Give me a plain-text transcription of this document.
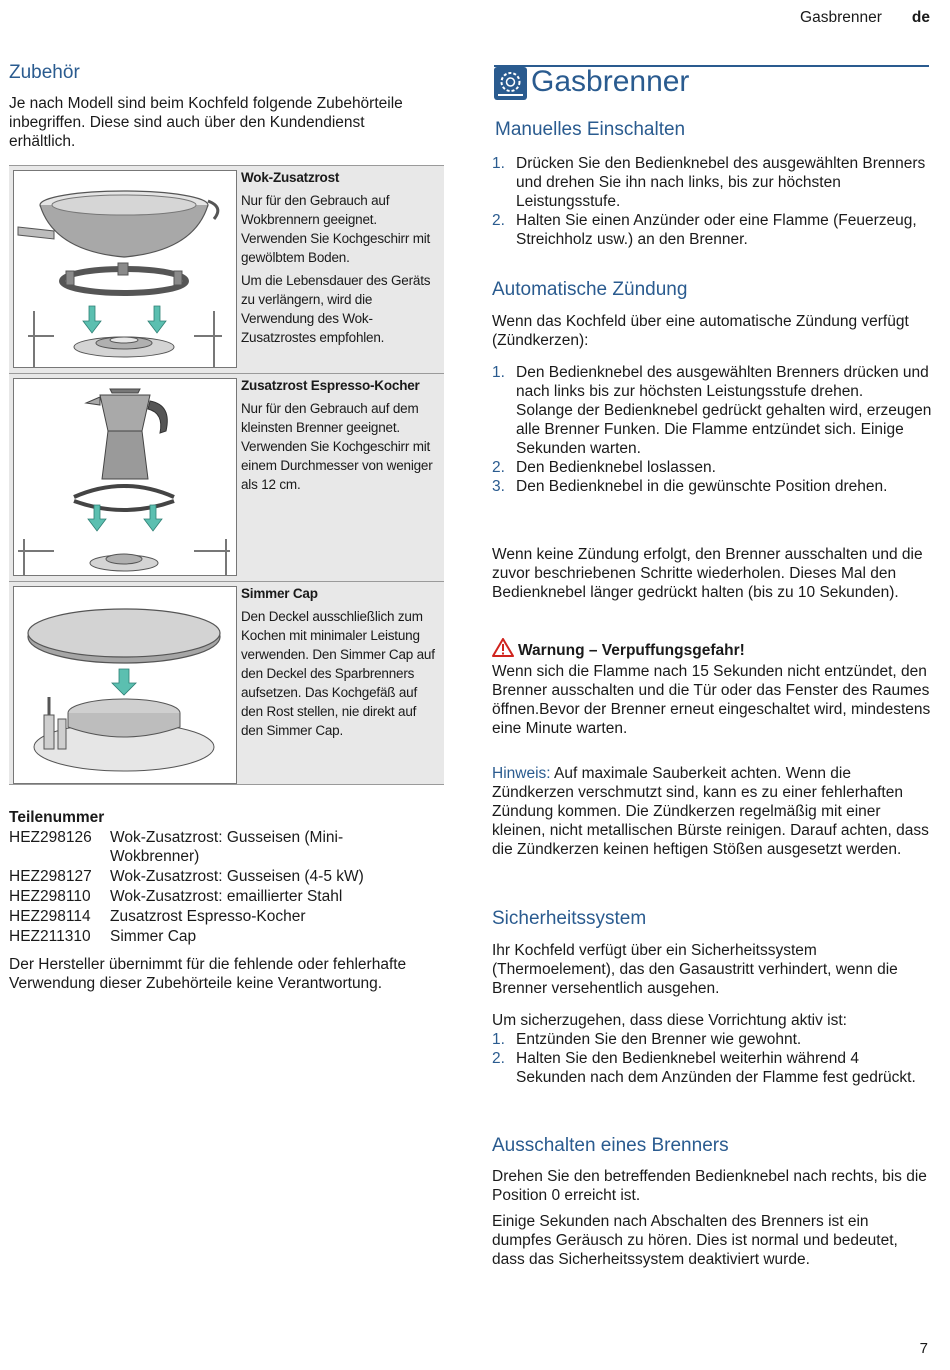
Gasbrenner de
Zubehör

Je nach Modell sind beim Kochfeld folgende Zubehörteile inbegriffen. Diese sind auch über den Kundendienst erhältlich.

Wok-Zusatzrost

Nur für den Gebrauch auf Wokbrennern geeignet. Verwenden Sie Kochgeschirr mit gewölbtem Boden.

Um die Lebensdauer des Geräts zu verlängern, wird die Verwendung des Wok-Zusatzrostes empfohlen.

Zusatzrost Espresso-Kocher

Nur für den Gebrauch auf dem kleinsten Brenner geeignet. Verwenden Sie Kochgeschirr mit einem Durchmesser von weniger als 12 cm.

Simmer Cap

Den Deckel ausschließlich zum Kochen mit minimaler Leistung verwenden. Den Simmer Cap auf den Deckel des Sparbrenners aufsetzen. Das Kochgefäß auf den Rost stellen, nie direkt auf den Simmer Cap.

Teilenummer

HEZ298126	Wok-Zusatzrost: Gusseisen (Mini-Wokbrenner)
HEZ298127	Wok-Zusatzrost: Gusseisen (4-5 kW)
HEZ298110	Wok-Zusatzrost: emaillierter Stahl
HEZ298114	Zusatzrost Espresso-Kocher
HEZ211310	Simmer Cap

Der Hersteller übernimmt für die fehlende oder fehlerhafte Verwendung dieser Zubehörteile keine Verantwortung.

Gasbrenner
Manuelles Einschalten
1. Drücken Sie den Bedienknebel des ausgewählten Brenners und drehen Sie ihn nach links, bis zur höchsten Leistungsstufe.
2. Halten Sie einen Anzünder oder eine Flamme (Feuerzeug, Streichholz usw.) an den Brenner.
Automatische Zündung

Wenn das Kochfeld über eine automatische Zündung verfügt (Zündkerzen):

1. Den Bedienknebel des ausgewählten Brenners drücken und nach links bis zur höchsten Leistungsstufe drehen.
Solange der Bedienknebel gedrückt gehalten wird, erzeugen alle Brenner Funken. Die Flamme entzündet sich. Einige Sekunden warten.
2. Den Bedienknebel loslassen.
3. Den Bedienknebel in die gewünschte Position drehen.

Wenn keine Zündung erfolgt, den Brenner ausschalten und die zuvor beschriebenen Schritte wiederholen. Dieses Mal den Bedienknebel länger gedrückt halten (bis zu 10 Sekunden).

Warnung – Verpuffungsgefahr!

Wenn sich die Flamme nach 15 Sekunden nicht entzündet, den Brenner ausschalten und die Tür oder das Fenster des Raumes öffnen.Bevor der Brenner erneut eingeschaltet wird, mindestens eine Minute warten.

Hinweis: Auf maximale Sauberkeit achten. Wenn die Zündkerzen verschmutzt sind, kann es zu einer fehlerhaften Zündung kommen. Die Zündkerzen regelmäßig mit einer kleinen, nicht metallischen Bürste reinigen. Darauf achten, dass die Zündkerzen keinen heftigen Stößen ausgesetzt werden.

Sicherheitssystem

Ihr Kochfeld verfügt über ein Sicherheitssystem (Thermoelement), das den Gasaustritt verhindert, wenn die Brenner versehentlich ausgehen.

Um sicherzugehen, dass diese Vorrichtung aktiv ist:

1. Entzünden Sie den Brenner wie gewohnt.
2. Halten Sie den Bedienknebel weiterhin während 4 Sekunden nach dem Anzünden der Flamme fest gedrückt.
Ausschalten eines Brenners

Drehen Sie den betreffenden Bedienknebel nach rechts, bis die Position 0 erreicht ist.

Einige Sekunden nach Abschalten des Brenners ist ein dumpfes Geräusch zu hören. Dies ist normal und bedeutet, dass das Sicherheitssystem deaktiviert wurde.

7
